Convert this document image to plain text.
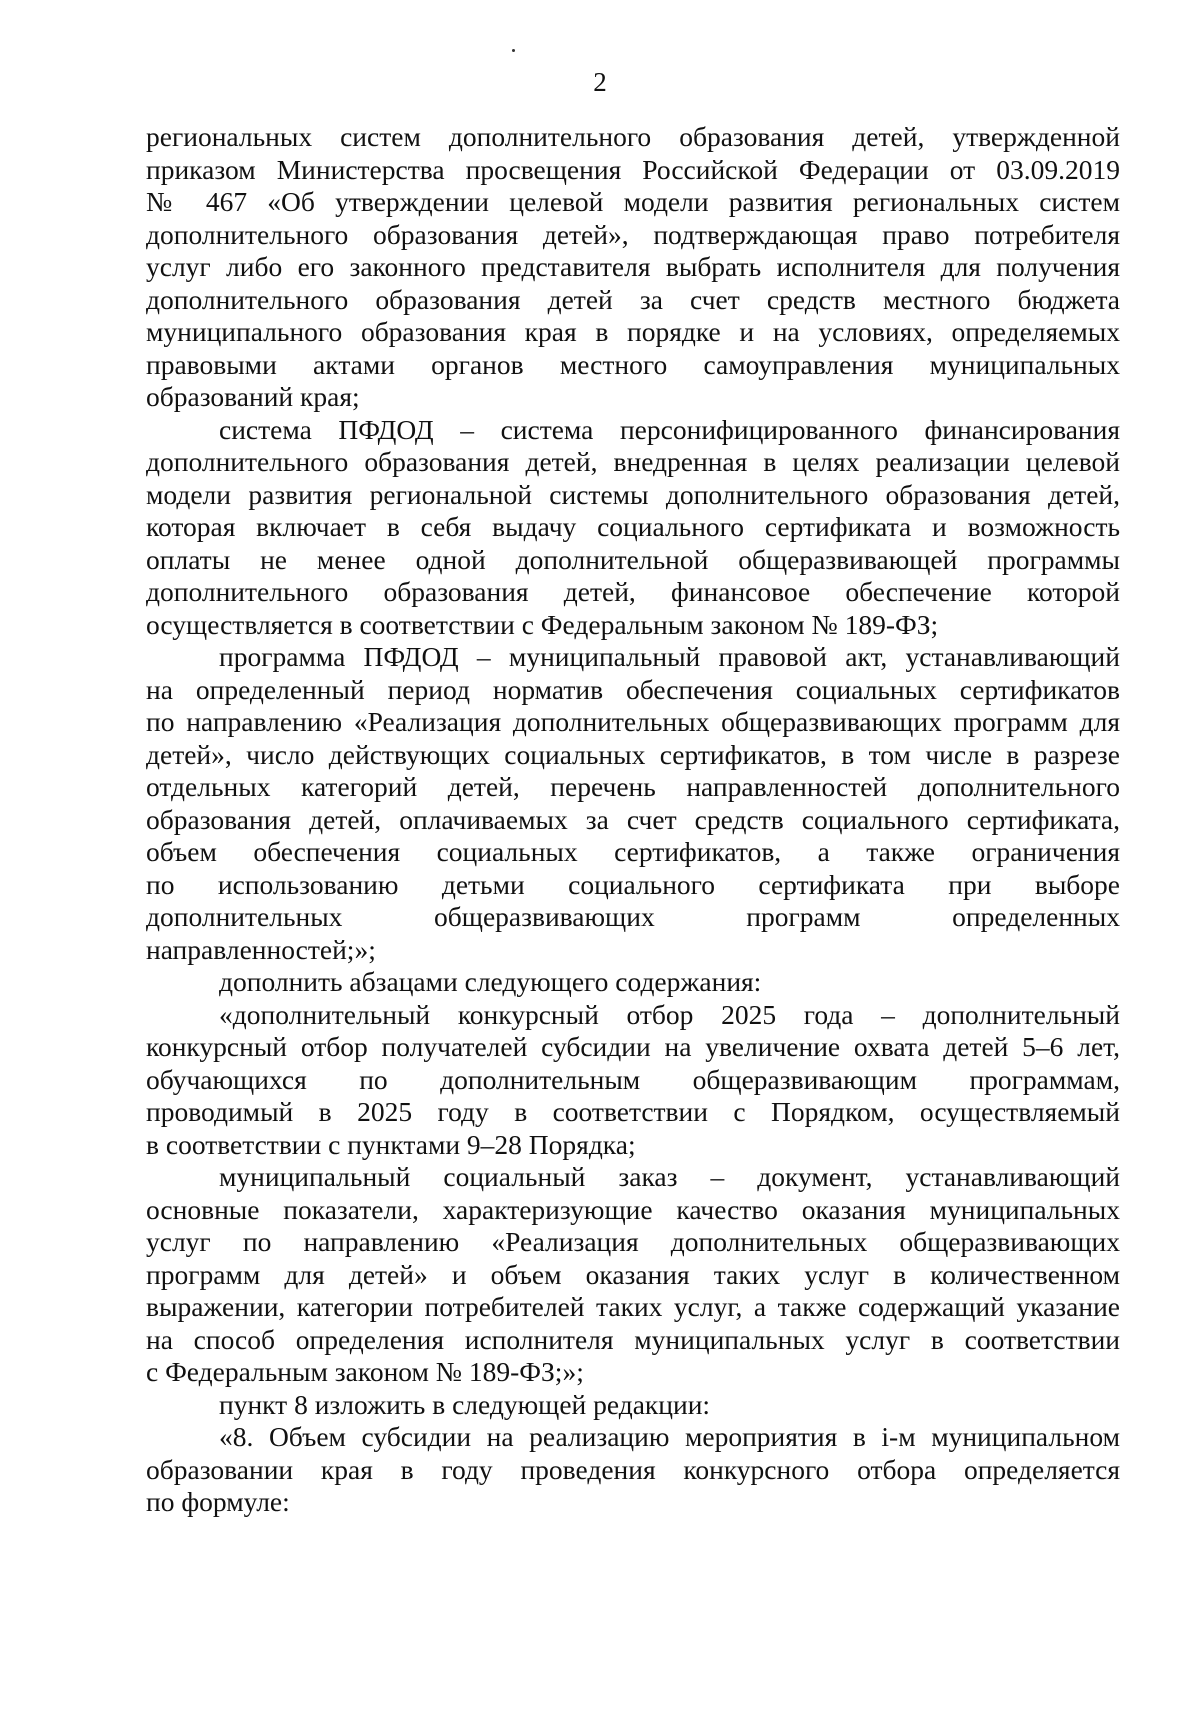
2

региональных систем дополнительного образования детей, утвержденной

приказом Министерства просвещения Российской Федерации от 03.09.2019

№ 467 «Об утверждении целевой модели развития региональных систем

дополнительного образования детей», подтверждающая право потребителя

услуг либо его законного представителя выбрать исполнителя для получения

дополнительного образования детей за счет средств местного бюджета

муниципального образования края в порядке и на условиях, определяемых

правовыми актами органов местного самоуправления муниципальных

образований края;

система ПФДОД – система персонифицированного финансирования

дополнительного образования детей, внедренная в целях реализации целевой

модели развития региональной системы дополнительного образования детей,

которая включает в себя выдачу социального сертификата и возможность

оплаты не менее одной дополнительной общеразвивающей программы

дополнительного образования детей, финансовое обеспечение которой

осуществляется в соответствии с Федеральным законом № 189-ФЗ;

программа ПФДОД – муниципальный правовой акт, устанавливающий

на определенный период норматив обеспечения социальных сертификатов

по направлению «Реализация дополнительных общеразвивающих программ для

детей», число действующих социальных сертификатов, в том числе в разрезе

отдельных категорий детей, перечень направленностей дополнительного

образования детей, оплачиваемых за счет средств социального сертификата,

объем обеспечения социальных сертификатов, а также ограничения

по использованию детьми социального сертификата при выборе

дополнительных общеразвивающих программ определенных

направленностей;»;

дополнить абзацами следующего содержания:

«дополнительный конкурсный отбор 2025 года – дополнительный

конкурсный отбор получателей субсидии на увеличение охвата детей 5–6 лет,

обучающихся по дополнительным общеразвивающим программам,

проводимый в 2025 году в соответствии с Порядком, осуществляемый

в соответствии с пунктами 9–28 Порядка;

муниципальный социальный заказ – документ, устанавливающий

основные показатели, характеризующие качество оказания муниципальных

услуг по направлению «Реализация дополнительных общеразвивающих

программ для детей» и объем оказания таких услуг в количественном

выражении, категории потребителей таких услуг, а также содержащий указание

на способ определения исполнителя муниципальных услуг в соответствии

с Федеральным законом № 189-ФЗ;»;

пункт 8 изложить в следующей редакции:

«8. Объем субсидии на реализацию мероприятия в i-м муниципальном

образовании края в году проведения конкурсного отбора определяется

по формуле:
